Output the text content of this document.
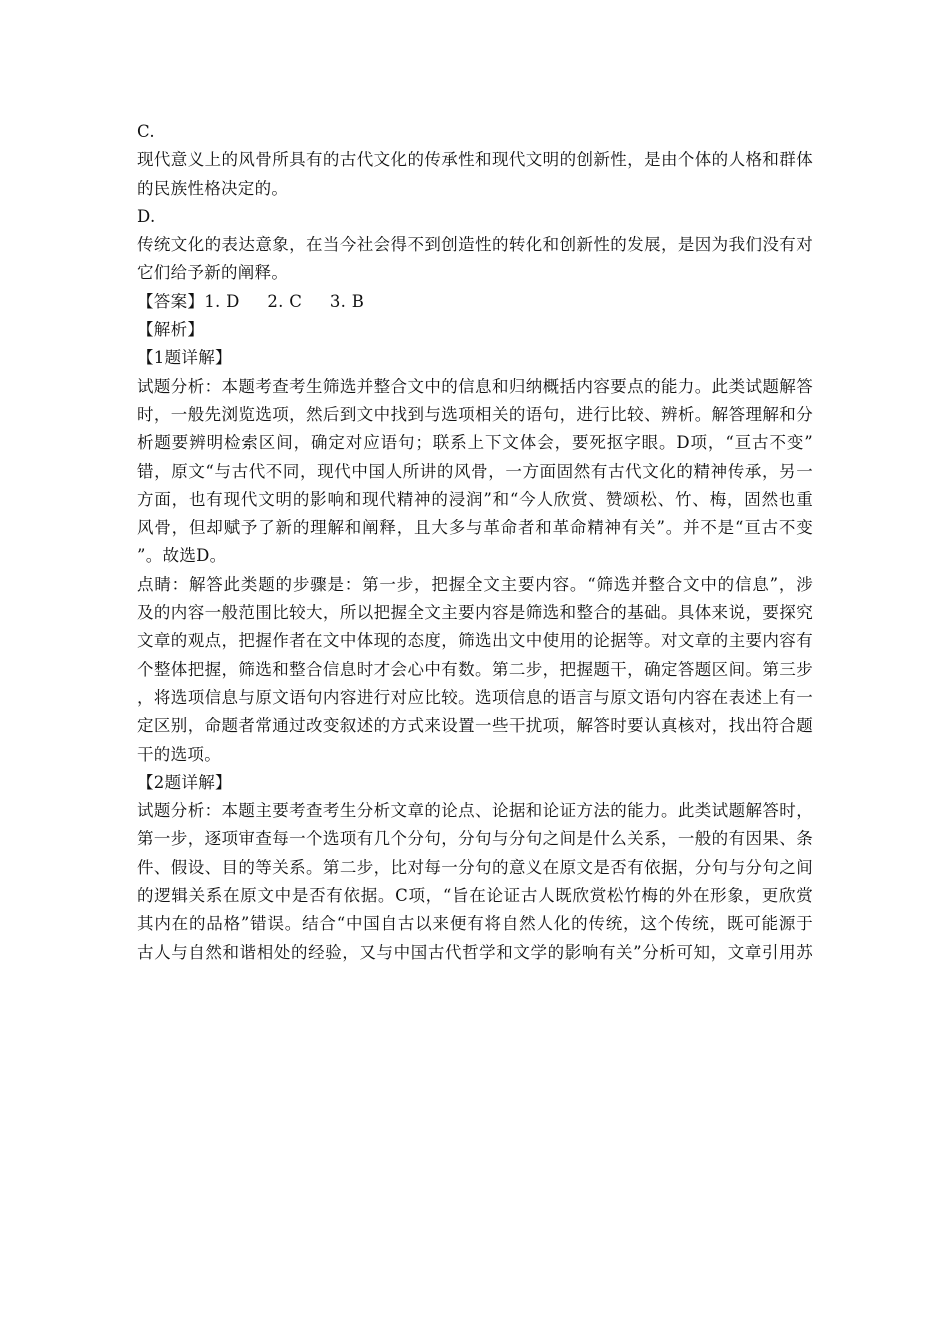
C.
现代意义上的风骨所具有的古代文化的传承性和现代文明的创新性，是由个体的人格和群体
的民族性格决定的。
D.
传统文化的表达意象，在当今社会得不到创造性的转化和创新性的发展，是因为我们没有对
它们给予新的阐释。
【答案】1. D     2. C     3. B
【解析】
【1题详解】
试题分析：本题考查考生筛选并整合文中的信息和归纳概括内容要点的能力。此类试题解答
时，一般先浏览选项，然后到文中找到与选项相关的语句，进行比较、辨析。解答理解和分
析题要辨明检索区间，确定对应语句；联系上下文体会，要死抠字眼。D项，“亘古不变”
错，原文“与古代不同，现代中国人所讲的风骨，一方面固然有古代文化的精神传承，另一
方面，也有现代文明的影响和现代精神的浸润”和“今人欣赏、赞颂松、竹、梅，固然也重
风骨，但却赋予了新的理解和阐释，且大多与革命者和革命精神有关”。并不是“亘古不变
”。故选D。
点睛：解答此类题的步骤是：第一步，把握全文主要内容。“筛选并整合文中的信息”，涉
及的内容一般范围比较大，所以把握全文主要内容是筛选和整合的基础。具体来说，要探究
文章的观点，把握作者在文中体现的态度，筛选出文中使用的论据等。对文章的主要内容有
个整体把握，筛选和整合信息时才会心中有数。第二步，把握题干，确定答题区间。第三步
，将选项信息与原文语句内容进行对应比较。选项信息的语言与原文语句内容在表述上有一
定区别，命题者常通过改变叙述的方式来设置一些干扰项，解答时要认真核对，找出符合题
干的选项。
【2题详解】
试题分析：本题主要考查考生分析文章的论点、论据和论证方法的能力。此类试题解答时，
第一步，逐项审查每一个选项有几个分句，分句与分句之间是什么关系，一般的有因果、条
件、假设、目的等关系。第二步，比对每一分句的意义在原文是否有依据，分句与分句之间
的逻辑关系在原文中是否有依据。C项，“旨在论证古人既欣赏松竹梅的外在形象，更欣赏
其内在的品格”错误。结合“中国自古以来便有将自然人化的传统，这个传统，既可能源于
古人与自然和谐相处的经验，又与中国古代哲学和文学的影响有关”分析可知，文章引用苏
